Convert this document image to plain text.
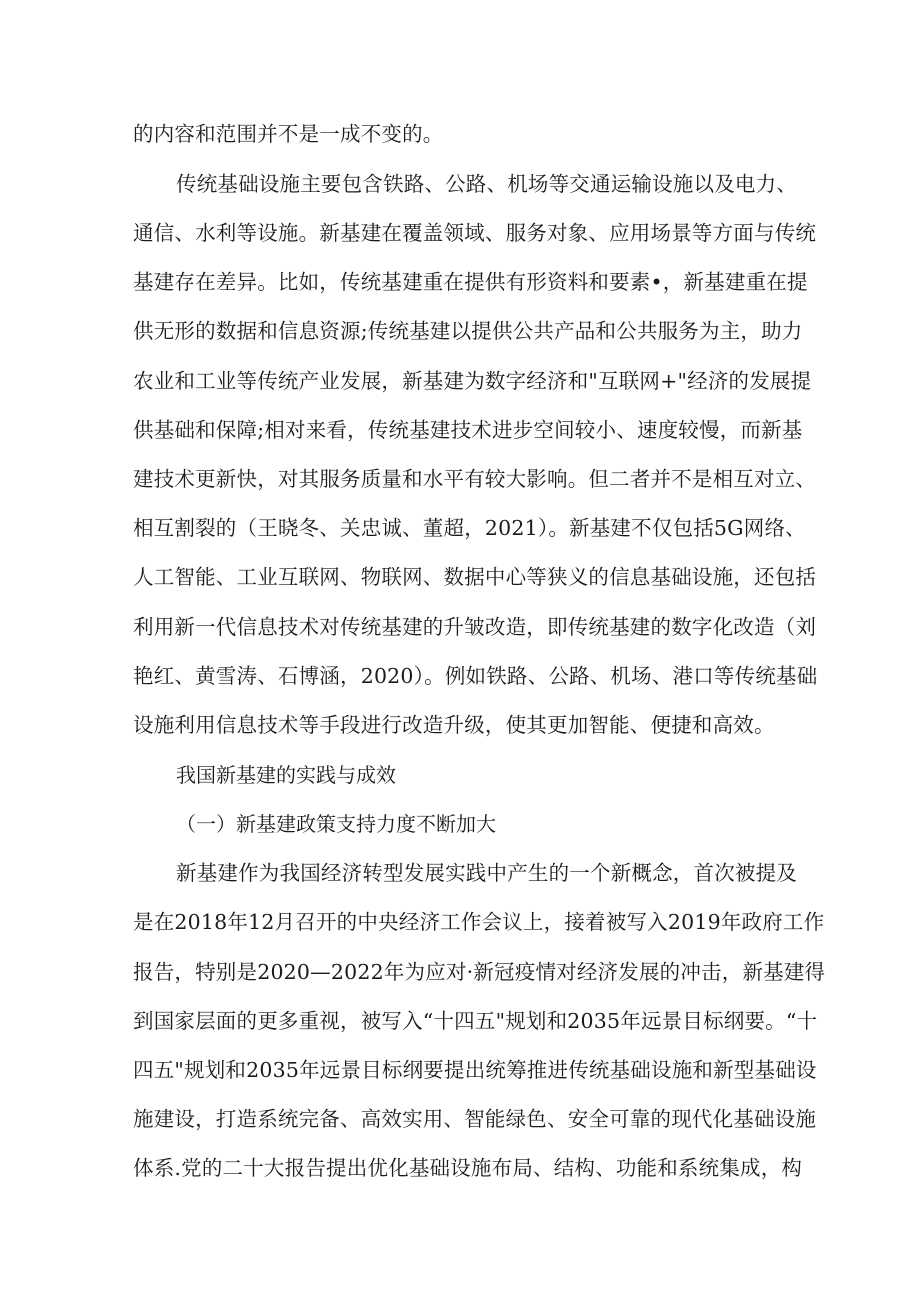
的内容和范围并不是一成不变的。
传统基础设施主要包含铁路、公路、机场等交通运输设施以及电力、
通信、水利等设施。新基建在覆盖领域、服务对象、应用场景等方面与传统
基建存在差异。比如，传统基建重在提供有形资料和要素•，新基建重在提
供无形的数据和信息资源;传统基建以提供公共产品和公共服务为主，助力
农业和工业等传统产业发展，新基建为数字经济和"互联网+"经济的发展提
供基础和保障;相对来看，传统基建技术进步空间较小、速度较慢，而新基
建技术更新快，对其服务质量和水平有较大影响。但二者并不是相互对立、
相互割裂的（王晓冬、关忠诚、董超，2021）。新基建不仅包括5G网络、
人工智能、工业互联网、物联网、数据中心等狭义的信息基础设施，还包括
利用新一代信息技术对传统基建的升皱改造，即传统基建的数字化改造（刘
艳红、黄雪涛、石博涵，2020）。例如铁路、公路、机场、港口等传统基础
设施利用信息技术等手段进行改造升级，使其更加智能、便捷和高效。
我国新基建的实践与成效
（一）新基建政策支持力度不断加大
新基建作为我国经济转型发展实践中产生的一个新概念，首次被提及
是在2018年12月召开的中央经济工作会议上，接着被写入2019年政府工作
报告，特别是2020—2022年为应对·新冠疫情对经济发展的冲击，新基建得
到国家层面的更多重视，被写入“十四五"规划和2035年远景目标纲要。“十
四五"规划和2035年远景目标纲要提出统筹推进传统基础设施和新型基础设
施建设，打造系统完备、高效实用、智能绿色、安全可靠的现代化基础设施
体系.党的二十大报告提出优化基础设施布局、结构、功能和系统集成，构
